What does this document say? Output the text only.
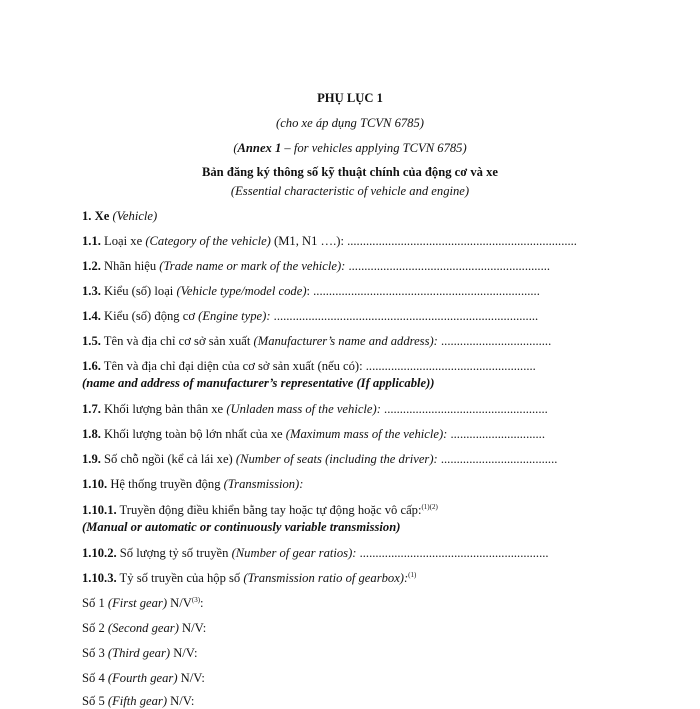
PHỤ LỤC 1
(cho xe áp dụng TCVN 6785)
(Annex 1 – for vehicles applying TCVN 6785)
Bản đăng ký thông số kỹ thuật chính của động cơ và xe
(Essential characteristic of vehicle and engine)
1. Xe (Vehicle)
1.1. Loại xe (Category of the vehicle) (M1, N1 ….): .........................................................................
1.2. Nhãn hiệu (Trade name or mark of the vehicle): ................................................................
1.3. Kiểu (số) loại (Vehicle type/model code): ........................................................................
1.4. Kiểu (số) động cơ (Engine type): ....................................................................................
1.5. Tên và địa chỉ cơ sở sản xuất (Manufacturer’s name and address): ...................................
1.6. Tên và địa chỉ đại diện của cơ sở sản xuất (nếu có): ......................................................
(name and address of manufacturer’s representative (If applicable))
1.7. Khối lượng bản thân xe (Unladen mass of the vehicle): ....................................................
1.8. Khối lượng toàn bộ lớn nhất của xe (Maximum mass of the vehicle): ..............................
1.9. Số chỗ ngồi (kể cả lái xe) (Number of seats (including the driver): .....................................
1.10. Hệ thống truyền động (Transmission):
1.10.1. Truyền động điều khiển bằng tay hoặc tự động hoặc vô cấp:$^{(1)(2)}$
(Manual or automatic or continuously variable transmission)
1.10.2. Số lượng tỷ số truyền (Number of gear ratios): ............................................................
1.10.3. Tỷ số truyền của hộp số (Transmission ratio of gearbox):$^{(1)}$
Số 1 (First gear) $N/V^{(3)}$:
Số 2 (Second gear) N/V:
Số 3 (Third gear) N/V:
Số 4 (Fourth gear) N/V:
Số 5 (Fifth gear) N/V:
